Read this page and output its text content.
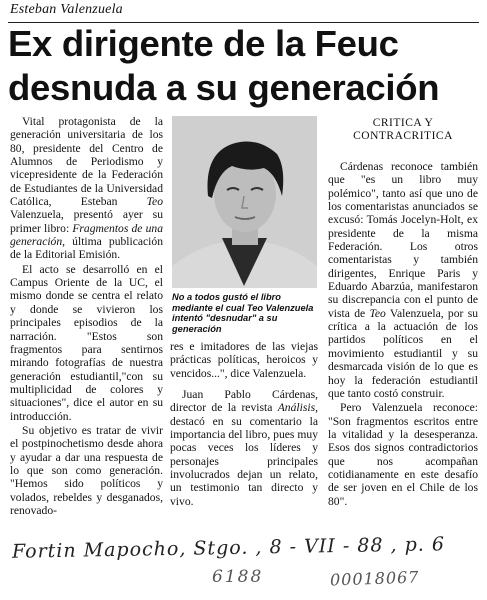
Esteban Valenzuela
Ex dirigente de la Feuc
desnuda a su generación

Vital protagonista de la generación universitaria de los 80, presidente del Centro de Alumnos de Periodismo y vicepresidente de la Federación de Estudiantes de la Universidad Católica, Esteban Teo Valenzuela, presentó ayer su primer libro: Fragmentos de una generación, última publicación de la Editorial Emisión.

El acto se desarrolló en el Campus Oriente de la UC, el mismo donde se centra el relato y donde se vivieron los principales episodios de la narración. "Estos son fragmentos para sentirnos mirando fotografías de nuestra generación estudiantil,"con su multiplicidad de colores y situaciones", dice el autor en su introducción.

Su objetivo es tratar de vivir el postpinochetismo desde ahora y ayudar a dar una respuesta de lo que son como generación. "Hemos sido políticos y volados, rebeldes y desganados, renovado-

No a todos gustó el libro mediante el cual Teo Valenzuela intentó "desnudar" a su generación

res e imitadores de las viejas prácticas políticas, heroicos y vencidos...", dice Valenzuela.

Juan Pablo Cárdenas, director de la revista Análisis, destacó en su comentario la importancia del libro, pues muy pocas veces los líderes y personajes principales involucrados dejan un relato, un testimonio tan directo y vivo.

CRITICA Y
CONTRACRITICA

Cárdenas reconoce también que "es un libro muy polémico", tanto así que uno de los comentaristas anunciados se excusó: Tomás Jocelyn-Holt, ex presidente de la misma Federación. Los otros comentaristas y también dirigentes, Enrique Paris y Eduardo Abarzúa, manifestaron su discrepancia con el punto de vista de Teo Valenzuela, por su crítica a la actuación de los partidos políticos en el movimiento estudiantil y su desmarcada visión de lo que es hoy la federación estudiantil que tanto costó construir.

Pero Valenzuela reconoce: "Son fragmentos escritos entre la vitalidad y la desesperanza. Esos dos signos contradictorios que nos acompañan cotidianamente en este desafío de ser joven en el Chile de los 80".

Fortin Mapocho, Stgo. , 8 - VII - 88 , p. 6
6188	00018067
